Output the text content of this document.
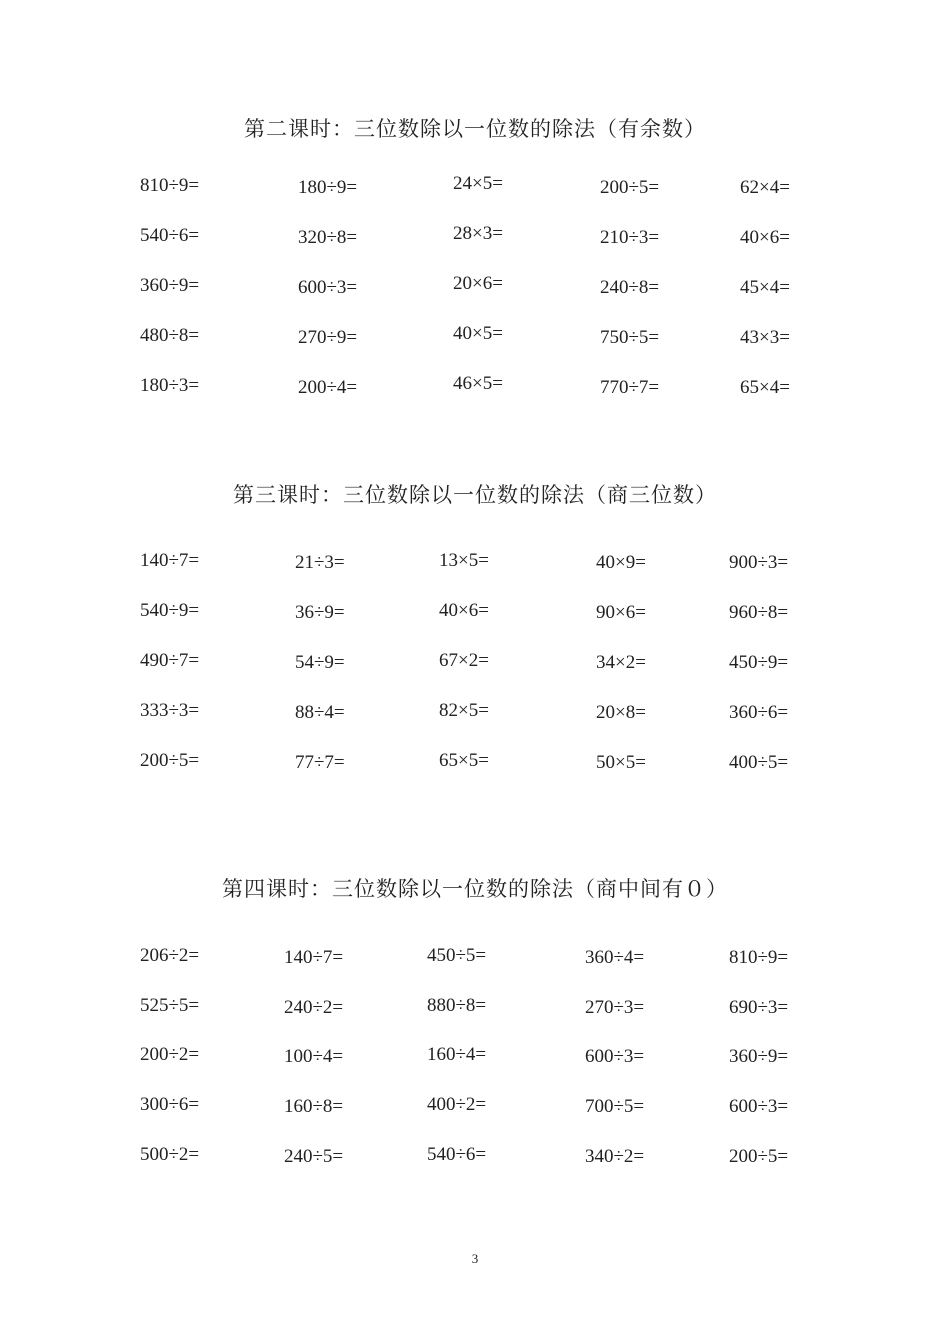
第二课时：三位数除以一位数的除法（有余数）
810÷9=	180÷9=	24×5=	200÷5=	62×4=
540÷6=	320÷8=	28×3=	210÷3=	40×6=
360÷9=	600÷3=	20×6=	240÷8=	45×4=
480÷8=	270÷9=	40×5=	750÷5=	43×3=
180÷3=	200÷4=	46×5=	770÷7=	65×4=
第三课时：三位数除以一位数的除法（商三位数）
140÷7=	21÷3=	13×5=	40×9=	900÷3=
540÷9=	36÷9=	40×6=	90×6=	960÷8=
490÷7=	54÷9=	67×2=	34×2=	450÷9=
333÷3=	88÷4=	82×5=	20×8=	360÷6=
200÷5=	77÷7=	65×5=	50×5=	400÷5=
第四课时：三位数除以一位数的除法（商中间有０）
206÷2=	140÷7=	450÷5=	360÷4=	810÷9=
525÷5=	240÷2=	880÷8=	270÷3=	690÷3=
200÷2=	100÷4=	160÷4=	600÷3=	360÷9=
300÷6=	160÷8=	400÷2=	700÷5=	600÷3=
500÷2=	240÷5=	540÷6=	340÷2=	200÷5=
3
